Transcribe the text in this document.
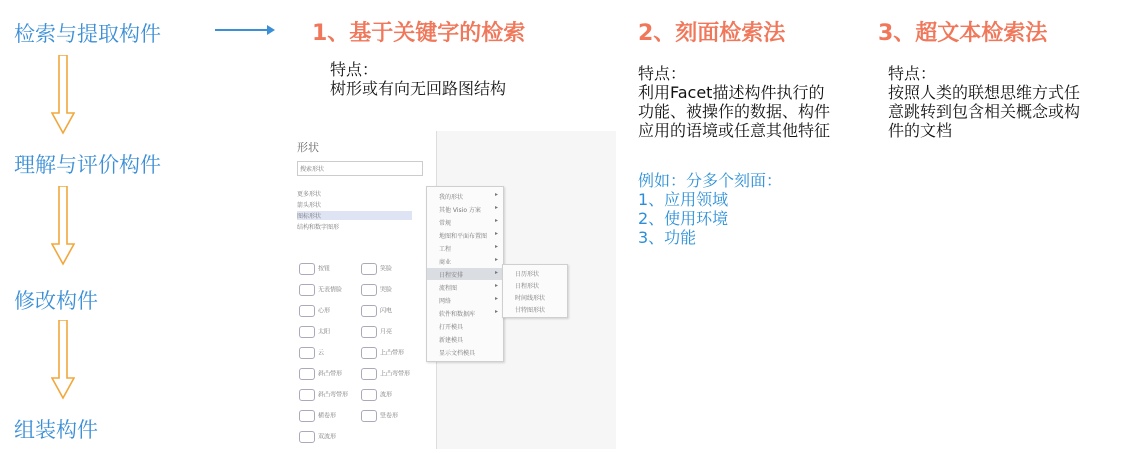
检索与提取构件
理解与评价构件
修改构件
组装构件
1、基于关键字的检索
特点：
树形或有向无回路图结构
2、刻面检索法
特点：
利用Facet描述构件执行的
功能、被操作的数据、构件
应用的语境或任意其他特征
例如：分多个刻面：
1、应用领域
2、使用环境
3、功能
3、超文本检索法
特点：
按照人类的联想思维方式任
意跳转到包含相关概念或构
件的文档
形状
搜索形状
更多形状
箭头形状
图标形状
结构和数字图形
按钮	笑脸
无表情脸	哭脸
心形	闪电
太阳	月亮
云	上凸带形
斜凸带形	上凸弯带形
斜凸弯带形	波形
横卷形	竖卷形
双波形
我的形状	▸
其他 Visio 方案 ▸
常规	▸
地图和平面布置图 ▸
工程	▸
商业	▸
日程安排	▸
流程图	▸
网络	▸
软件和数据库	▸
打开模具
新建模具
显示文档模具
日历形状
日程形状
时间线形状
甘特图形状
